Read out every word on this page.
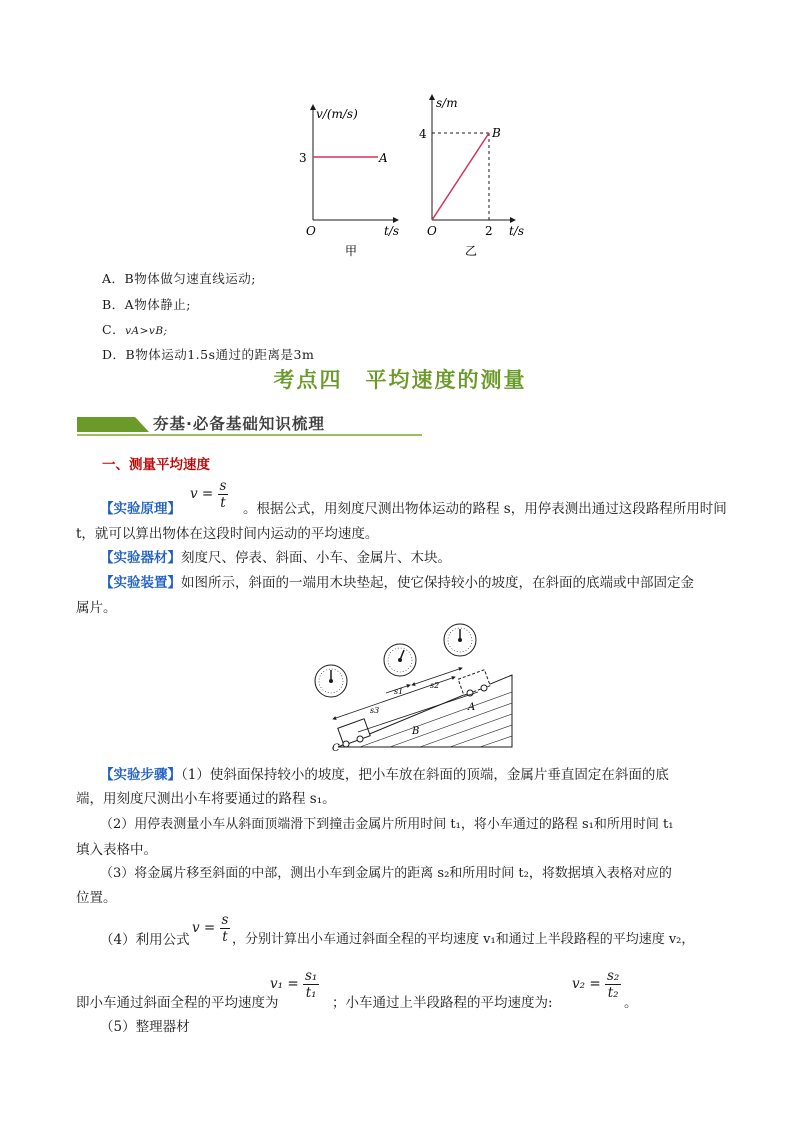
v/(m/s)
3	A
O	t/s
甲
s/m
4	B
O	2 t/s
乙
A．B物体做匀速直线运动;
B．A物体静止;
C．vA>vB;
D．B物体运动1.5s通过的距离是3m
考点四　平均速度的测量
夯基·必备基础知识梳理
一、测量平均速度
$v = \frac{s}{t}$
【实验原理】	。根据公式，用刻度尺测出物体运动的路程 s，用停表测出通过这段路程所用时间
t，就可以算出物体在这段时间内运动的平均速度。
【实验器材】刻度尺、停表、斜面、小车、金属片、木块。
【实验装置】如图所示，斜面的一端用木块垫起，使它保持较小的坡度，在斜面的底端或中部固定金
属片。
s1
s2
s3	A
B
C
【实验步骤】（1）使斜面保持较小的坡度，把小车放在斜面的顶端，金属片垂直固定在斜面的底
端，用刻度尺测出小车将要通过的路程 s₁。
（2）用停表测量小车从斜面顶端滑下到撞击金属片所用时间 t₁，将小车通过的路程 s₁和所用时间 t₁
填入表格中。
（3）将金属片移至斜面的中部，测出小车到金属片的距离 s₂和所用时间 t₂，将数据填入表格对应的
位置。
（4）利用公式
$v = \frac{s}{t}$ ，分别计算出小车通过斜面全程的平均速度 v₁和通过上半段路程的平均速度 v₂，
$v_1 = \frac{\text{s₁}}{\text{t₁}}$	$v_2 = \frac{\text{s₂}}{\text{t₂}}$
即小车通过斜面全程的平均速度为	；小车通过上半段路程的平均速度为:	。
（5）整理器材
